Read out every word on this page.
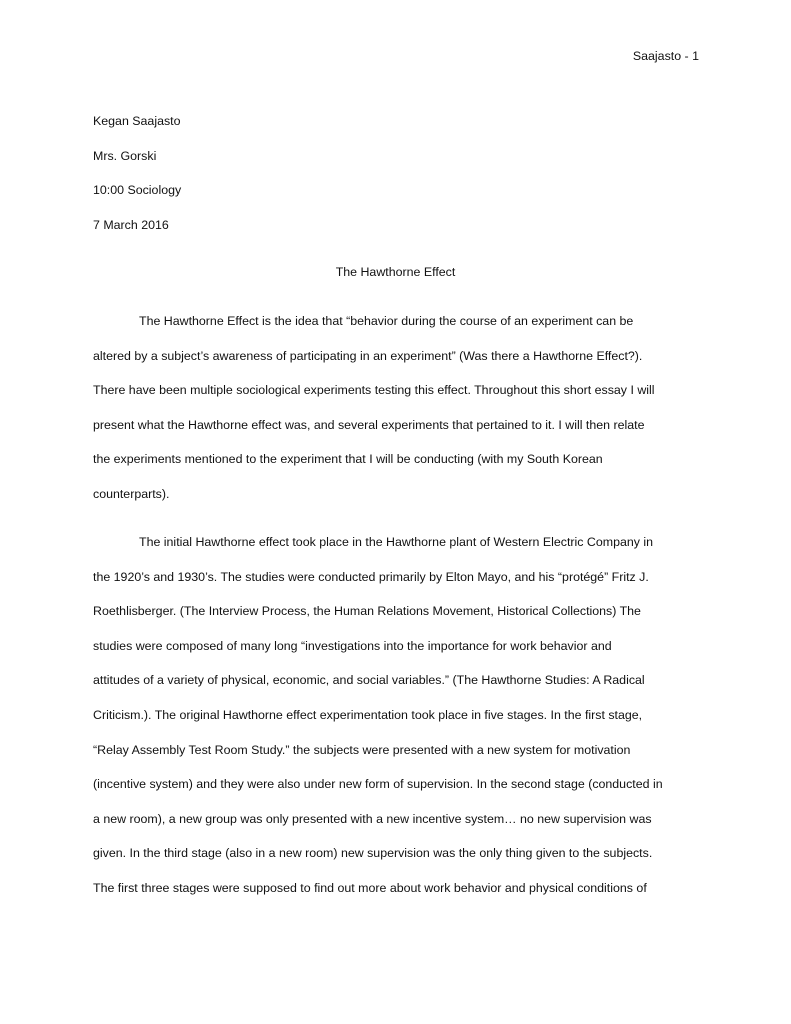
Saajasto - 1
Kegan Saajasto
Mrs. Gorski
10:00 Sociology
7 March 2016
The Hawthorne Effect
The Hawthorne Effect is the idea that “behavior during the course of an experiment can be
altered by a subject’s awareness of participating in an experiment” (Was there a Hawthorne Effect?).
There have been multiple sociological experiments testing this effect. Throughout this short essay I will
present what the Hawthorne effect was, and several experiments that pertained to it. I will then relate
the experiments mentioned to the experiment that I will be conducting (with my South Korean
counterparts).
The initial Hawthorne effect took place in the Hawthorne plant of Western Electric Company in
the 1920’s and 1930’s. The studies were conducted primarily by Elton Mayo, and his “protégé” Fritz J.
Roethlisberger. (The Interview Process, the Human Relations Movement, Historical Collections) The
studies were composed of many long “investigations into the importance for work behavior and
attitudes of a variety of physical, economic, and social variables.” (The Hawthorne Studies: A Radical
Criticism.). The original Hawthorne effect experimentation took place in five stages. In the first stage,
“Relay Assembly Test Room Study.” the subjects were presented with a new system for motivation
(incentive system) and they were also under new form of supervision. In the second stage (conducted in
a new room), a new group was only presented with a new incentive system… no new supervision was
given. In the third stage (also in a new room) new supervision was the only thing given to the subjects.
The first three stages were supposed to find out more about work behavior and physical conditions of
